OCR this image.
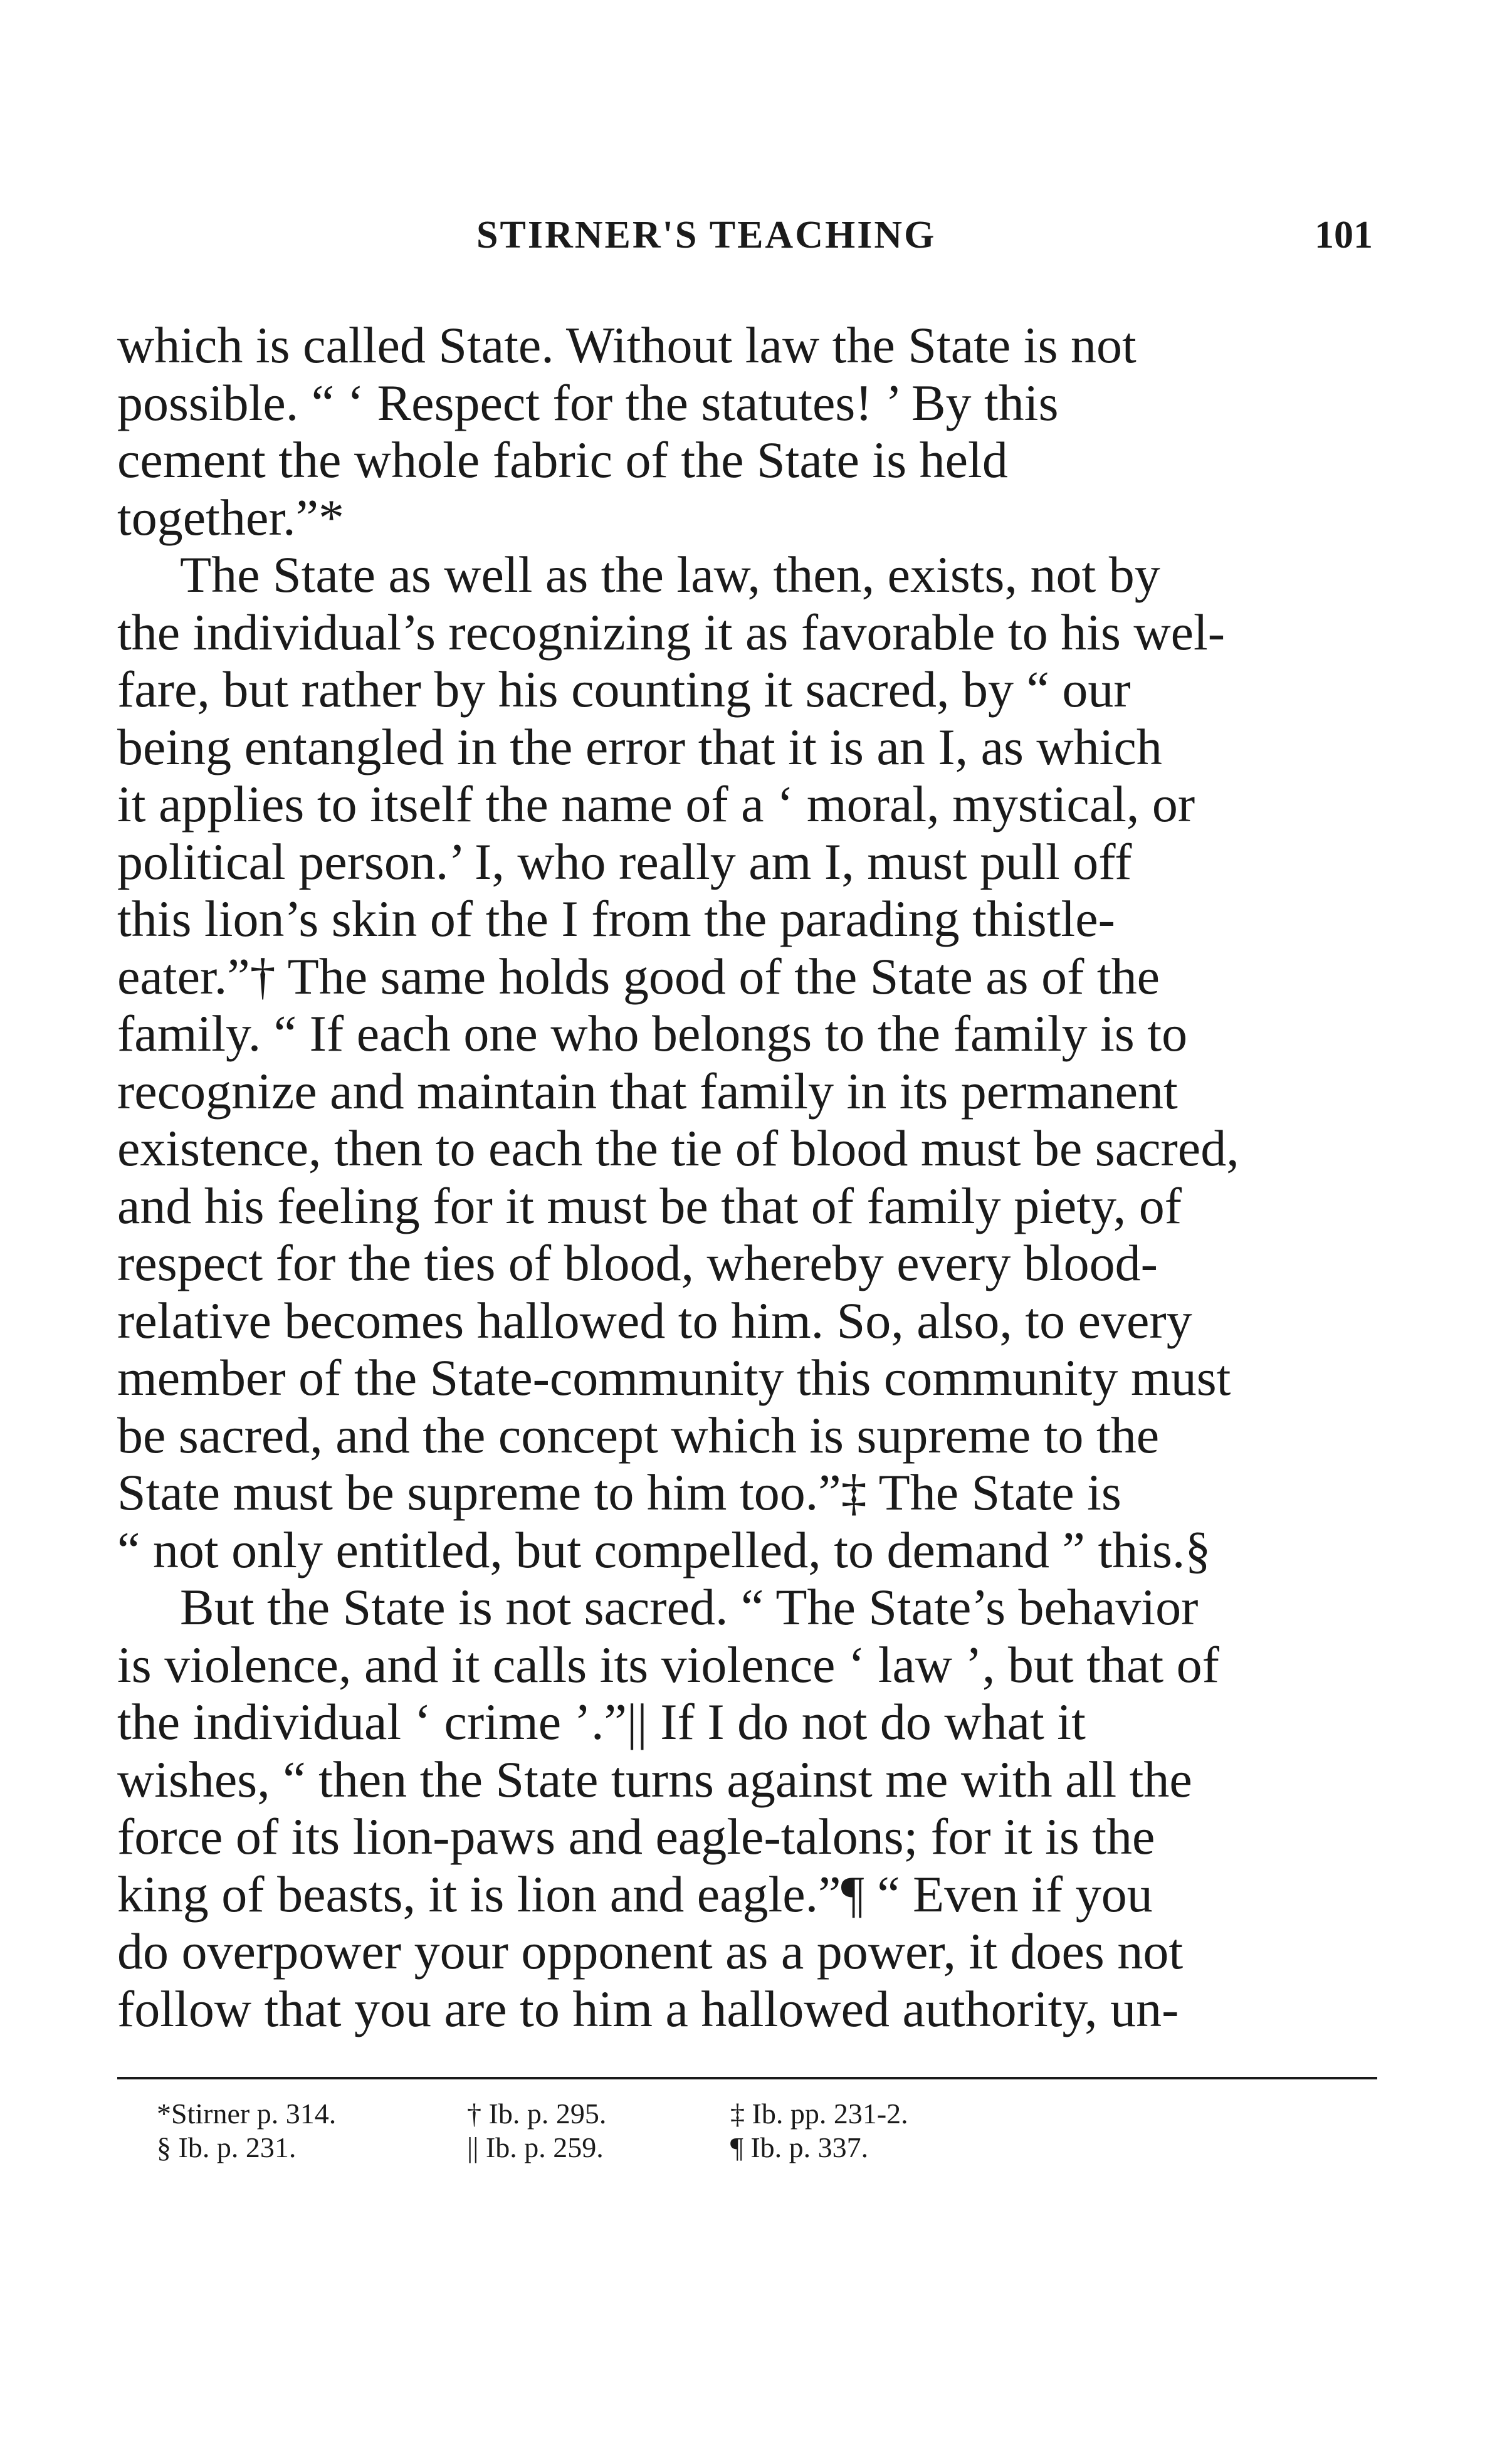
STIRNER'S TEACHING	101
which is called State. Without law the State is not
possible. “ ‘ Respect for the statutes! ’ By this
cement the whole fabric of the State is held
together.”*
The State as well as the law, then, exists, not by
the individual’s recognizing it as favorable to his wel-
fare, but rather by his counting it sacred, by “ our
being entangled in the error that it is an I, as which
it applies to itself the name of a ‘ moral, mystical, or
political person.’ I, who really am I, must pull off
this lion’s skin of the I from the parading thistle-
eater.”† The same holds good of the State as of the
family. “ If each one who belongs to the family is to
recognize and maintain that family in its permanent
existence, then to each the tie of blood must be sacred,
and his feeling for it must be that of family piety, of
respect for the ties of blood, whereby every blood-
relative becomes hallowed to him. So, also, to every
member of the State-community this community must
be sacred, and the concept which is supreme to the
State must be supreme to him too.”‡ The State is
“ not only entitled, but compelled, to demand ” this.§
But the State is not sacred. “ The State’s behavior
is violence, and it calls its violence ‘ law ’, but that of
the individual ‘ crime ’.”|| If I do not do what it
wishes, “ then the State turns against me with all the
force of its lion-paws and eagle-talons; for it is the
king of beasts, it is lion and eagle.”¶ “ Even if you
do overpower your opponent as a power, it does not
follow that you are to him a hallowed authority, un-
*Stirner p. 314.	† Ib. p. 295.	‡ Ib. pp. 231-2.
§ Ib. p. 231.	|| Ib. p. 259.	¶ Ib. p. 337.
